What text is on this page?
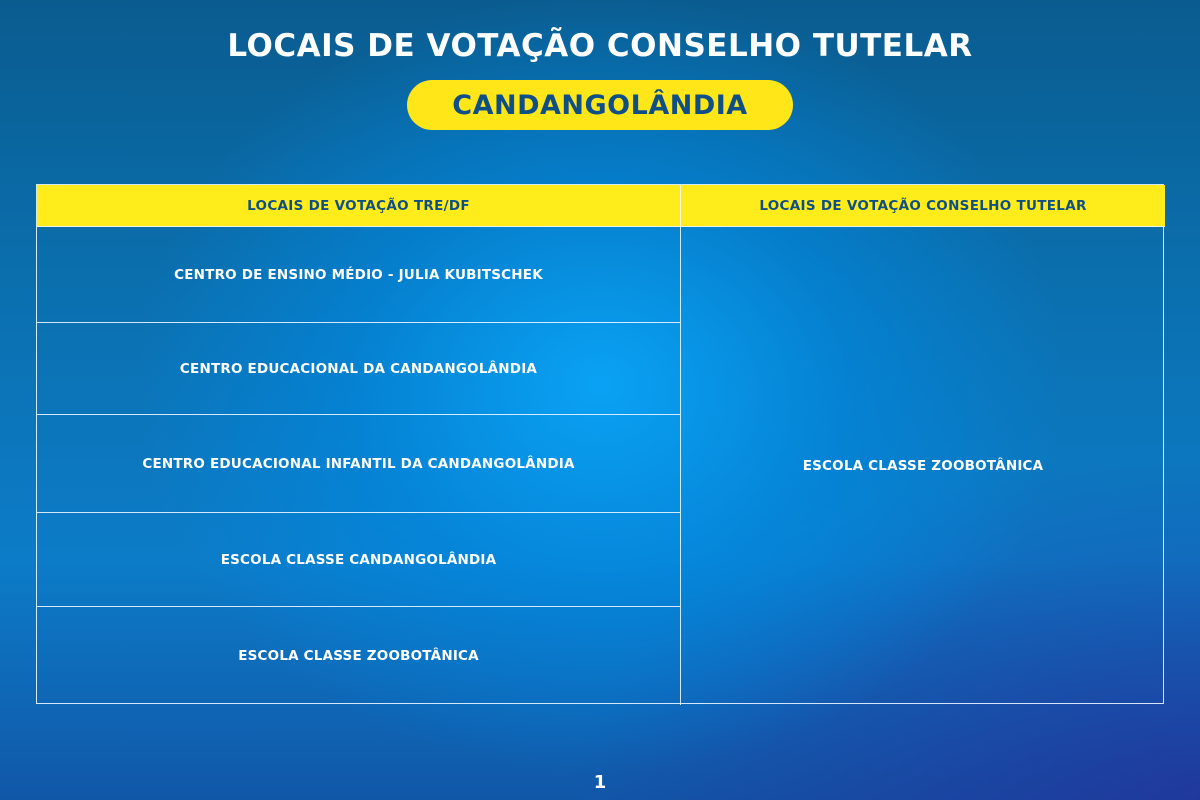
LOCAIS DE VOTAÇÃO CONSELHO TUTELAR
CANDANGOLÂNDIA
LOCAIS DE VOTAÇÃO TRE/DF	LOCAIS DE VOTAÇÃO CONSELHO TUTELAR
CENTRO DE ENSINO MÉDIO - JULIA KUBITSCHEK
CENTRO EDUCACIONAL DA CANDANGOLÂNDIA
CENTRO EDUCACIONAL INFANTIL DA CANDANGOLÂNDIA
ESCOLA CLASSE CANDANGOLÂNDIA
ESCOLA CLASSE ZOOBOTÂNICA
ESCOLA CLASSE ZOOBOTÂNICA
1
